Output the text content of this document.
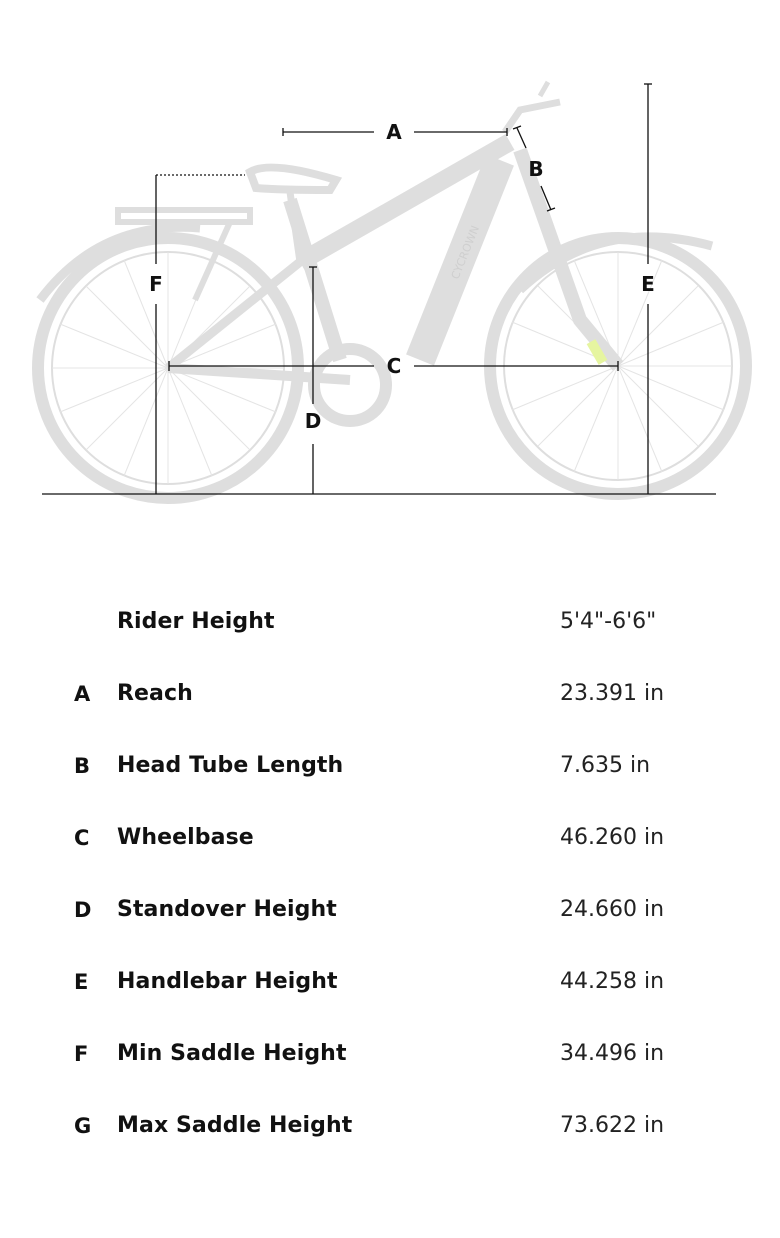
CYCROWN
A
B
C
D
E
F
Rider Height	5'4"-6'6"
A Reach	23.391 in
B Head Tube Length	7.635 in
C Wheelbase	46.260 in
D Standover Height	24.660 in
E Handlebar Height	44.258 in
F Min Saddle Height	34.496 in
G Max Saddle Height	73.622 in
